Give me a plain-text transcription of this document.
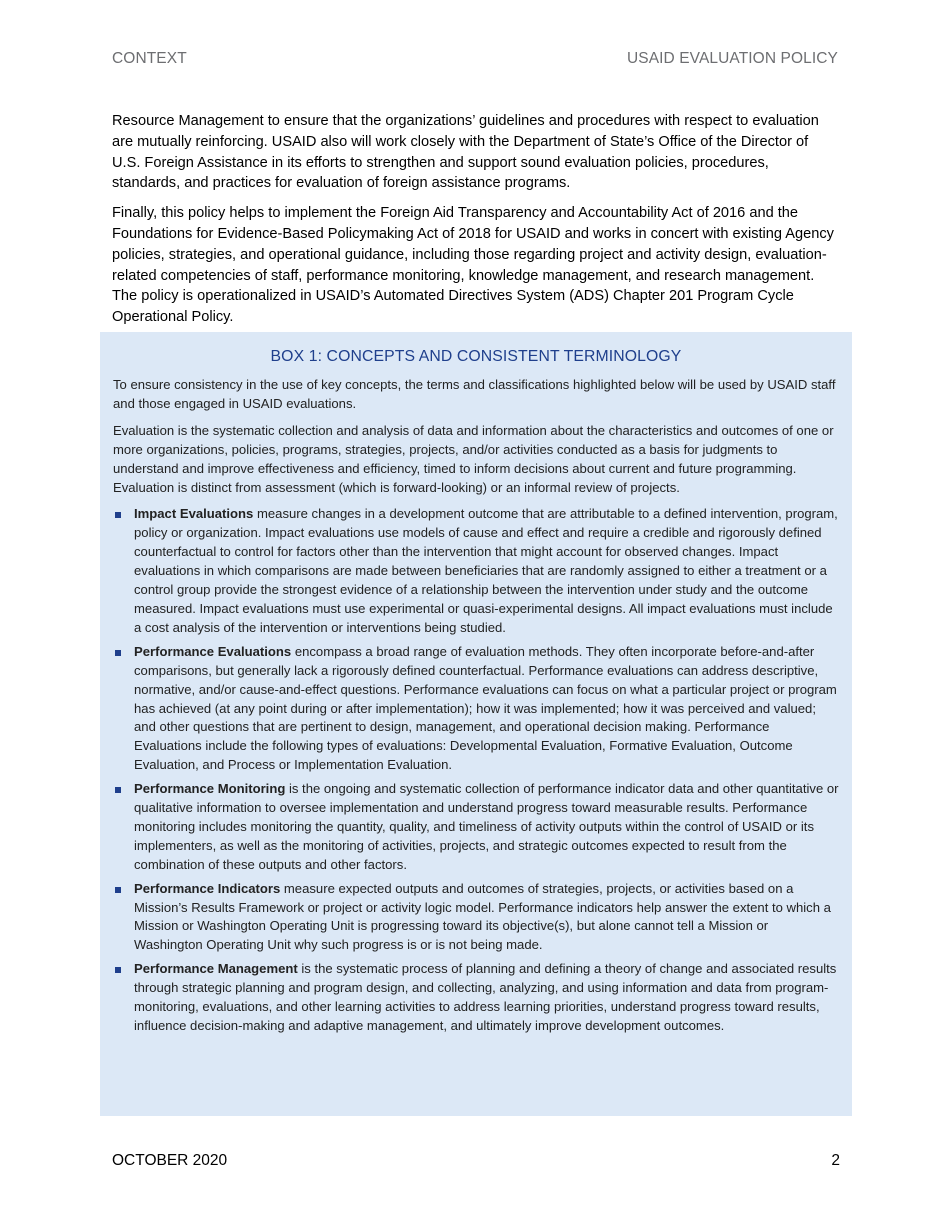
CONTEXT	USAID EVALUATION POLICY

Resource Management to ensure that the organizations’ guidelines and procedures with respect to evaluation are mutually reinforcing. USAID also will work closely with the Department of State’s Office of the Director of U.S. Foreign Assistance in its efforts to strengthen and support sound evaluation policies, procedures, standards, and practices for evaluation of foreign assistance programs.

Finally, this policy helps to implement the Foreign Aid Transparency and Accountability Act of 2016 and the Foundations for Evidence-Based Policymaking Act of 2018 for USAID and works in concert with existing Agency policies, strategies, and operational guidance, including those regarding project and activity design, evaluation-related competencies of staff, performance monitoring, knowledge management, and research management. The policy is operationalized in USAID’s Automated Directives System (ADS) Chapter 201 Program Cycle Operational Policy.

BOX 1: CONCEPTS AND CONSISTENT TERMINOLOGY

To ensure consistency in the use of key concepts, the terms and classifications highlighted below will be used by USAID staff and those engaged in USAID evaluations.

Evaluation is the systematic collection and analysis of data and information about the characteristics and outcomes of one or more organizations, policies, programs, strategies, projects, and/or activities conducted as a basis for judgments to understand and improve effectiveness and efficiency, timed to inform decisions about current and future programming. Evaluation is distinct from assessment (which is forward-looking) or an informal review of projects.

Impact Evaluations measure changes in a development outcome that are attributable to a defined intervention, program, policy or organization. Impact evaluations use models of cause and effect and require a credible and rigorously defined counterfactual to control for factors other than the intervention that might account for observed changes. Impact evaluations in which comparisons are made between beneficiaries that are randomly assigned to either a treatment or a control group provide the strongest evidence of a relationship between the intervention under study and the outcome measured. Impact evaluations must use experimental or quasi-experimental designs. All impact evaluations must include a cost analysis of the intervention or interventions being studied.
Performance Evaluations encompass a broad range of evaluation methods. They often incorporate before-and-after comparisons, but generally lack a rigorously defined counterfactual. Performance evaluations can address descriptive, normative, and/or cause-and-effect questions. Performance evaluations can focus on what a particular project or program has achieved (at any point during or after implementation); how it was implemented; how it was perceived and valued; and other questions that are pertinent to design, management, and operational decision making. Performance Evaluations include the following types of evaluations: Developmental Evaluation, Formative Evaluation, Outcome Evaluation, and Process or Implementation Evaluation.
Performance Monitoring is the ongoing and systematic collection of performance indicator data and other quantitative or qualitative information to oversee implementation and understand progress toward measurable results. Performance monitoring includes monitoring the quantity, quality, and timeliness of activity outputs within the control of USAID or its implementers, as well as the monitoring of activities, projects, and strategic outcomes expected to result from the combination of these outputs and other factors.
Performance Indicators measure expected outputs and outcomes of strategies, projects, or activities based on a Mission’s Results Framework or project or activity logic model. Performance indicators help answer the extent to which a Mission or Washington Operating Unit is progressing toward its objective(s), but alone cannot tell a Mission or Washington Operating Unit why such progress is or is not being made.
Performance Management is the systematic process of planning and defining a theory of change and associated results through strategic planning and program design, and collecting, analyzing, and using information and data from program-monitoring, evaluations, and other learning activities to address learning priorities, understand progress toward results, influence decision-making and adaptive management, and ultimately improve development outcomes.
OCTOBER 2020	2
